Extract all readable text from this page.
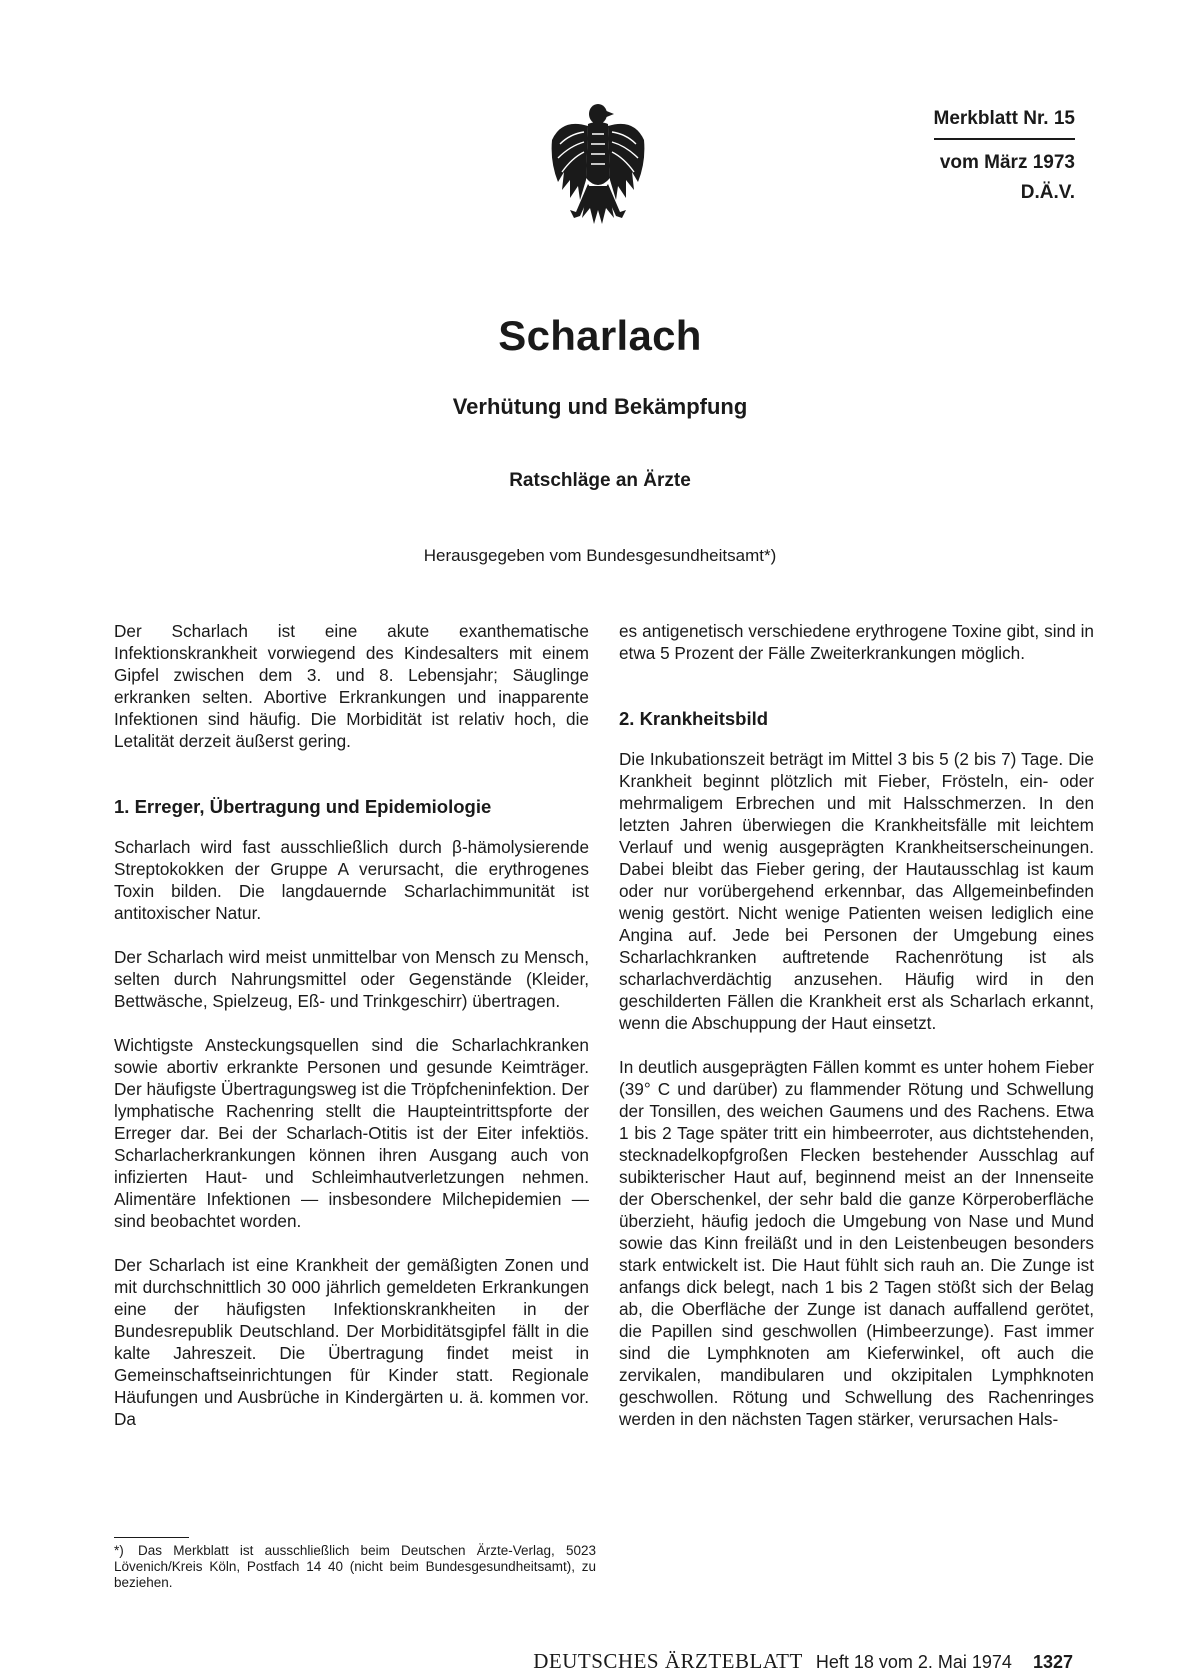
Merkblatt Nr. 15
vom März 1973
D.Ä.V.
Scharlach
Verhütung und Bekämpfung
Ratschläge an Ärzte
Herausgegeben vom Bundesgesundheitsamt*)

Der Scharlach ist eine akute exanthematische Infektionskrankheit vorwiegend des Kindesalters mit einem Gipfel zwischen dem 3. und 8. Lebensjahr; Säuglinge erkranken selten. Abortive Erkrankungen und inapparente Infektionen sind häufig. Die Morbidität ist relativ hoch, die Letalität derzeit äußerst gering.

1. Erreger, Übertragung und Epidemiologie

Scharlach wird fast ausschließlich durch β-hämolysierende Streptokokken der Gruppe A verursacht, die erythrogenes Toxin bilden. Die langdauernde Scharlachimmunität ist antitoxischer Natur.

Der Scharlach wird meist unmittelbar von Mensch zu Mensch, selten durch Nahrungsmittel oder Gegenstände (Kleider, Bettwäsche, Spielzeug, Eß- und Trinkgeschirr) übertragen.

Wichtigste Ansteckungsquellen sind die Scharlachkranken sowie abortiv erkrankte Personen und gesunde Keimträger. Der häufigste Übertragungsweg ist die Tröpfcheninfektion. Der lymphatische Rachenring stellt die Haupteintrittspforte der Erreger dar. Bei der Scharlach-Otitis ist der Eiter infektiös. Scharlacherkrankungen können ihren Ausgang auch von infizierten Haut- und Schleimhautverletzungen nehmen. Alimentäre Infektionen — insbesondere Milchepidemien — sind beobachtet worden.

Der Scharlach ist eine Krankheit der gemäßigten Zonen und mit durchschnittlich 30 000 jährlich gemeldeten Erkrankungen eine der häufigsten Infektionskrankheiten in der Bundesrepublik Deutschland. Der Morbiditätsgipfel fällt in die kalte Jahreszeit. Die Übertragung findet meist in Gemeinschaftseinrichtungen für Kinder statt. Regionale Häufungen und Ausbrüche in Kindergärten u. ä. kommen vor. Da

es antigenetisch verschiedene erythrogene Toxine gibt, sind in etwa 5 Prozent der Fälle Zweiterkrankungen möglich.

2. Krankheitsbild

Die Inkubationszeit beträgt im Mittel 3 bis 5 (2 bis 7) Tage. Die Krankheit beginnt plötzlich mit Fieber, Frösteln, ein- oder mehrmaligem Erbrechen und mit Halsschmerzen. In den letzten Jahren überwiegen die Krankheitsfälle mit leichtem Verlauf und wenig ausgeprägten Krankheitserscheinungen. Dabei bleibt das Fieber gering, der Hautausschlag ist kaum oder nur vorübergehend erkennbar, das Allgemeinbefinden wenig gestört. Nicht wenige Patienten weisen lediglich eine Angina auf. Jede bei Personen der Umgebung eines Scharlachkranken auftretende Rachenrötung ist als scharlachverdächtig anzusehen. Häufig wird in den geschilderten Fällen die Krankheit erst als Scharlach erkannt, wenn die Abschuppung der Haut einsetzt.

In deutlich ausgeprägten Fällen kommt es unter hohem Fieber (39° C und darüber) zu flammender Rötung und Schwellung der Tonsillen, des weichen Gaumens und des Rachens. Etwa 1 bis 2 Tage später tritt ein himbeerroter, aus dichtstehenden, stecknadelkopfgroßen Flecken bestehender Ausschlag auf subikterischer Haut auf, beginnend meist an der Innenseite der Oberschenkel, der sehr bald die ganze Körperoberfläche überzieht, häufig jedoch die Umgebung von Nase und Mund sowie das Kinn freiläßt und in den Leistenbeugen besonders stark entwickelt ist. Die Haut fühlt sich rauh an. Die Zunge ist anfangs dick belegt, nach 1 bis 2 Tagen stößt sich der Belag ab, die Oberfläche der Zunge ist danach auffallend gerötet, die Papillen sind geschwollen (Himbeerzunge). Fast immer sind die Lymphknoten am Kieferwinkel, oft auch die zervikalen, mandibularen und okzipitalen Lymphknoten geschwollen. Rötung und Schwellung des Rachenringes werden in den nächsten Tagen stärker, verursachen Hals-

*) Das Merkblatt ist ausschließlich beim Deutschen Ärzte-Verlag, 5023 Lövenich/Kreis Köln, Postfach 14 40 (nicht beim Bundesgesundheitsamt), zu beziehen.
DEUTSCHES ÄRZTEBLATT Heft 18 vom 2. Mai 1974 1327
